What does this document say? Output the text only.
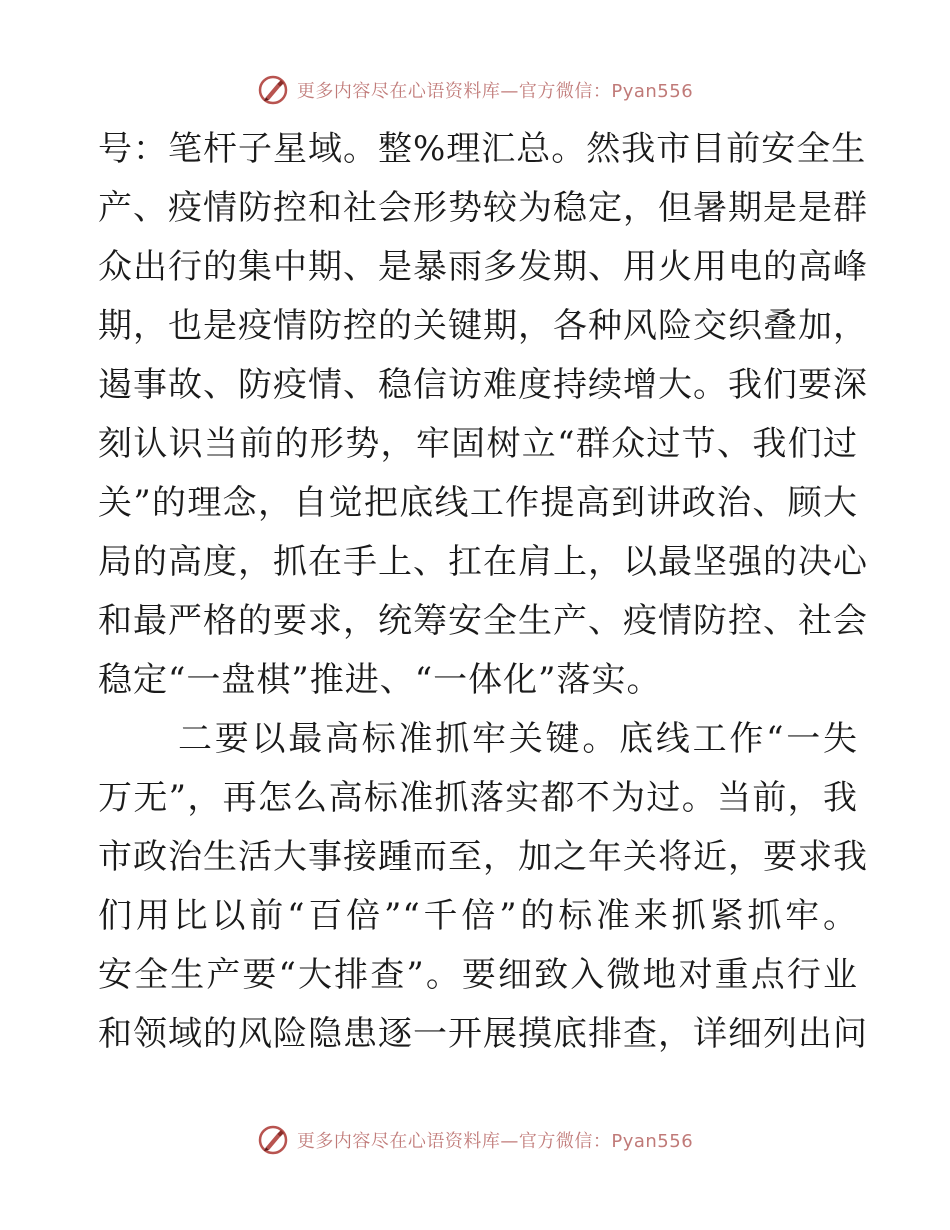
更多内容尽在心语资料库—官方微信：Pyan556
号：笔杆子星域。整%理汇总。然我市目前安全生
产、疫情防控和社会形势较为稳定，但暑期是是群
众出行的集中期、是暴雨多发期、用火用电的高峰
期，也是疫情防控的关键期，各种风险交织叠加，
遏事故、防疫情、稳信访难度持续增大。我们要深
刻认识当前的形势，牢固树立“群众过节、我们过
关”的理念，自觉把底线工作提高到讲政治、顾大
局的高度，抓在手上、扛在肩上，以最坚强的决心
和最严格的要求，统筹安全生产、疫情防控、社会
稳定“一盘棋”推进、“一体化”落实。
二要以最高标准抓牢关键。底线工作“一失
万无”，再怎么高标准抓落实都不为过。当前，我
市政治生活大事接踵而至，加之年关将近，要求我
们用比以前“百倍”“千倍”的标准来抓紧抓牢。
安全生产要“大排查”。要细致入微地对重点行业
和领域的风险隐患逐一开展摸底排查，详细列出问
更多内容尽在心语资料库—官方微信：Pyan556
